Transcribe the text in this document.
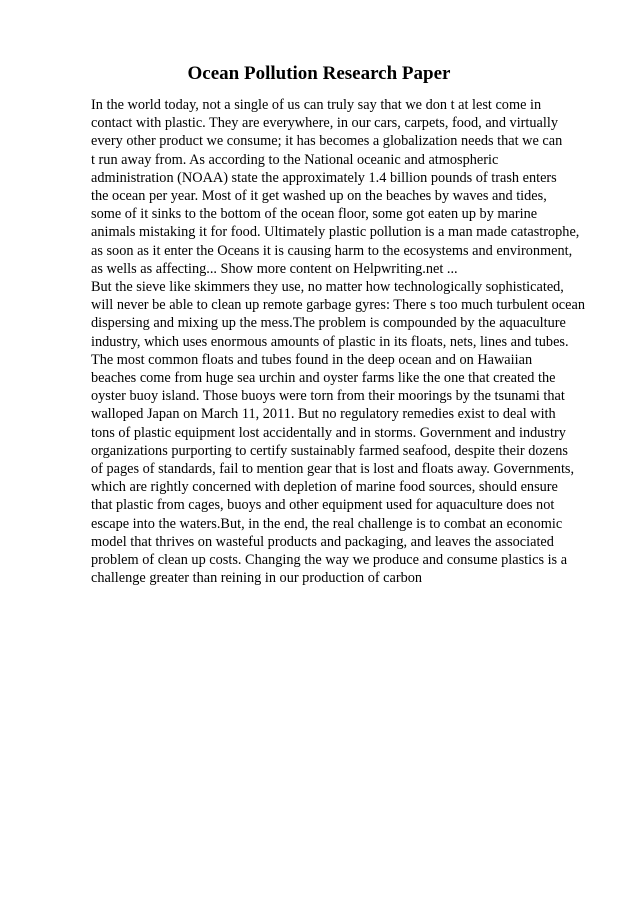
Ocean Pollution Research Paper
In the world today, not a single of us can truly say that we don t at lest come in
contact with plastic. They are everywhere, in our cars, carpets, food, and virtually
every other product we consume; it has becomes a globalization needs that we can
t run away from. As according to the National oceanic and atmospheric
administration (NOAA) state the approximately 1.4 billion pounds of trash enters
the ocean per year. Most of it get washed up on the beaches by waves and tides,
some of it sinks to the bottom of the ocean floor, some got eaten up by marine
animals mistaking it for food. Ultimately plastic pollution is a man made catastrophe,
as soon as it enter the Oceans it is causing harm to the ecosystems and environment,
as wells as affecting... Show more content on Helpwriting.net ...
But the sieve like skimmers they use, no matter how technologically sophisticated,
will never be able to clean up remote garbage gyres: There s too much turbulent ocean
dispersing and mixing up the mess.The problem is compounded by the aquaculture
industry, which uses enormous amounts of plastic in its floats, nets, lines and tubes.
The most common floats and tubes found in the deep ocean and on Hawaiian
beaches come from huge sea urchin and oyster farms like the one that created the
oyster buoy island. Those buoys were torn from their moorings by the tsunami that
walloped Japan on March 11, 2011. But no regulatory remedies exist to deal with
tons of plastic equipment lost accidentally and in storms. Government and industry
organizations purporting to certify sustainably farmed seafood, despite their dozens
of pages of standards, fail to mention gear that is lost and floats away. Governments,
which are rightly concerned with depletion of marine food sources, should ensure
that plastic from cages, buoys and other equipment used for aquaculture does not
escape into the waters.But, in the end, the real challenge is to combat an economic
model that thrives on wasteful products and packaging, and leaves the associated
problem of clean up costs. Changing the way we produce and consume plastics is a
challenge greater than reining in our production of carbon
